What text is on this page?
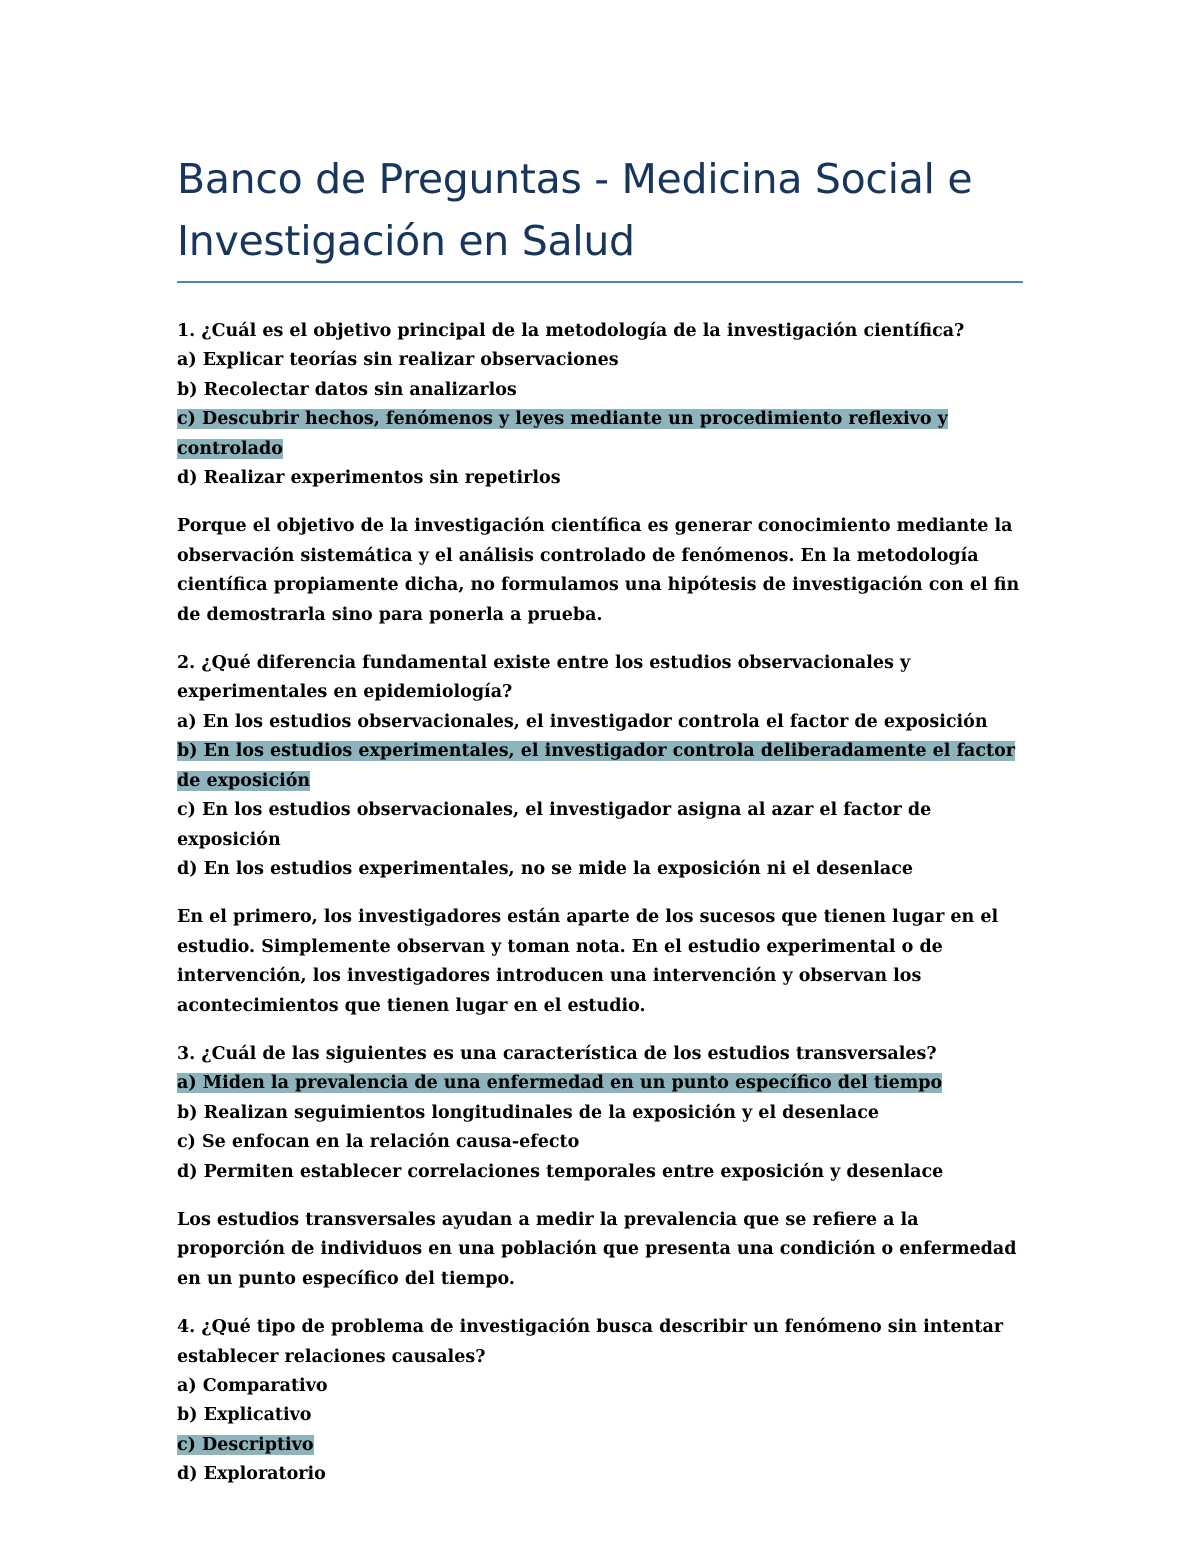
Banco de Preguntas - Medicina Social e Investigación en Salud

1. ¿Cuál es el objetivo principal de la metodología de la investigación científica?

a) Explicar teorías sin realizar observaciones

b) Recolectar datos sin analizarlos

c) Descubrir hechos, fenómenos y leyes mediante un procedimiento reflexivo y controlado

d) Realizar experimentos sin repetirlos

Porque el objetivo de la investigación científica es generar conocimiento mediante la observación sistemática y el análisis controlado de fenómenos. En la metodología científica propiamente dicha, no formulamos una hipótesis de investigación con el fin de demostrarla sino para ponerla a prueba.

2. ¿Qué diferencia fundamental existe entre los estudios observacionales y experimentales en epidemiología?

a) En los estudios observacionales, el investigador controla el factor de exposición

b) En los estudios experimentales, el investigador controla deliberadamente el factor de exposición

c) En los estudios observacionales, el investigador asigna al azar el factor de exposición

d) En los estudios experimentales, no se mide la exposición ni el desenlace

En el primero, los investigadores están aparte de los sucesos que tienen lugar en el estudio. Simplemente observan y toman nota. En el estudio experimental o de intervención, los investigadores introducen una intervención y observan los acontecimientos que tienen lugar en el estudio.

3. ¿Cuál de las siguientes es una característica de los estudios transversales?

a) Miden la prevalencia de una enfermedad en un punto específico del tiempo

b) Realizan seguimientos longitudinales de la exposición y el desenlace

c) Se enfocan en la relación causa-efecto

d) Permiten establecer correlaciones temporales entre exposición y desenlace

Los estudios transversales ayudan a medir la prevalencia que se refiere a la proporción de individuos en una población que presenta una condición o enfermedad en un punto específico del tiempo.

4. ¿Qué tipo de problema de investigación busca describir un fenómeno sin intentar establecer relaciones causales?

a) Comparativo

b) Explicativo

c) Descriptivo

d) Exploratorio
